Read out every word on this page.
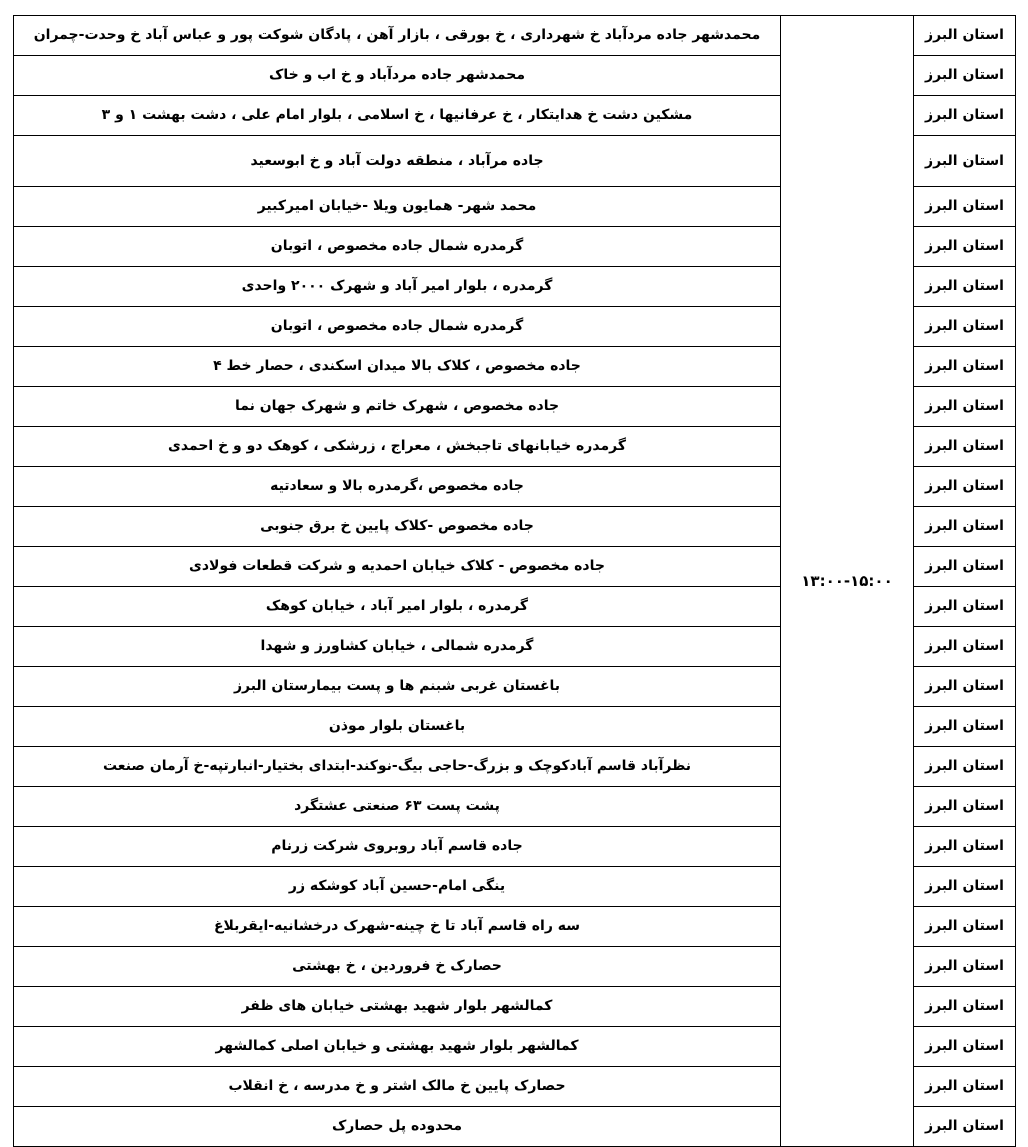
استان البرز	۱۳:۰۰-۱۵:۰۰	محمدشهر جاده مردآباد خ شهرداری ، خ بورقی ، بازار آهن ، پادگان شوکت پور و عباس آباد خ وحدت-چمران
استان البرز		محمدشهر جاده مردآباد و خ اب و خاک
استان البرز		مشکین دشت خ هدایتکار ، خ عرفانیها ، خ اسلامی ، بلوار امام علی ، دشت بهشت ۱ و ۳
استان البرز		جاده مرآباد ، منطقه دولت آباد و خ ابوسعید
استان البرز		محمد شهر- همایون ویلا -خیابان امیرکبیر
استان البرز		گرمدره شمال جاده مخصوص ، اتوبان
استان البرز		گرمدره ، بلوار امیر آباد و شهرک ۲۰۰۰ واحدی
استان البرز		گرمدره شمال جاده مخصوص ، اتوبان
استان البرز		جاده مخصوص ، کلاک بالا میدان اسکندی ، حصار خط ۴
استان البرز		جاده مخصوص ، شهرک خاتم و شهرک جهان نما
استان البرز		گرمدره خیابانهای تاجبخش ، معراج ، زرشکی ، کوهک دو و خ احمدی
استان البرز		جاده مخصوص ،گرمدره بالا و سعادتیه
استان البرز		جاده مخصوص -کلاک پایین خ برق جنوبی
استان البرز		جاده مخصوص - کلاک خیابان احمدیه و شرکت قطعات فولادی
استان البرز		گرمدره ، بلوار امیر آباد ، خیابان کوهک
استان البرز		گرمدره شمالی ، خیابان کشاورز و شهدا
استان البرز		باغستان غربی شبنم ها و پست بیمارستان البرز
استان البرز		باغستان بلوار موذن
استان البرز		نظرآباد قاسم آبادکوچک و بزرگ-حاجی بیگ-نوکند-ابتدای بختیار-انبارتپه-خ آرمان صنعت
استان البرز		پشت پست ۶۳ صنعتی عشتگرد
استان البرز		جاده قاسم آباد روبروی شرکت زرنام
استان البرز		ینگی امام-حسین آباد کوشکه زر
استان البرز		سه راه قاسم آباد تا خ چینه-شهرک درخشانیه-ایقربلاغ
استان البرز		حصارک خ فروردین ، خ بهشتی
استان البرز		کمالشهر بلوار شهید بهشتی خیابان های ظفر
استان البرز		کمالشهر بلوار شهید بهشتی و خیابان اصلی کمالشهر
استان البرز		حصارک پایین خ مالک اشتر و خ مدرسه ، خ انقلاب
استان البرز		محدوده پل حصارک
